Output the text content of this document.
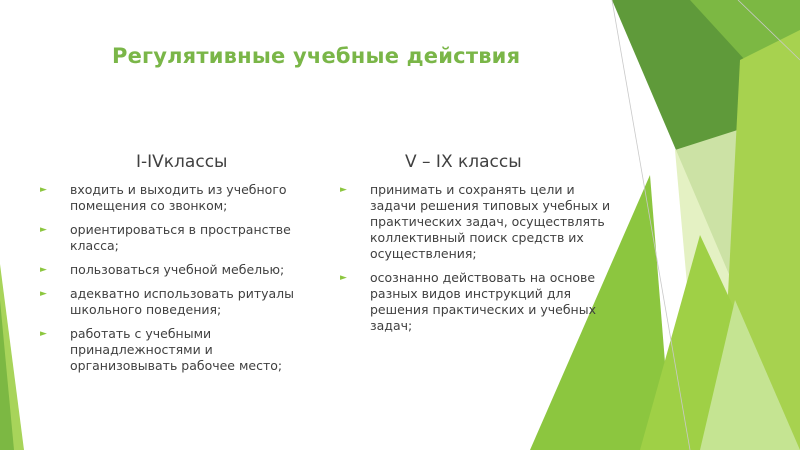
Регулятивные учебные действия
I-IVклассы
► входить и выходить из учебного помещения со звонком;
► ориентироваться в пространстве класса;
► пользоваться учебной мебелью;
► адекватно использовать ритуалы школьного поведения;
► работать с учебными принадлежностями и организовывать рабочее место;
V – IX классы
► принимать и сохранять цели и задачи решения типовых учебных и практических задач, осуществлять коллективный поиск средств их осуществления;
► осознанно действовать на основе разных видов инструкций для решения практических и учебных задач;
